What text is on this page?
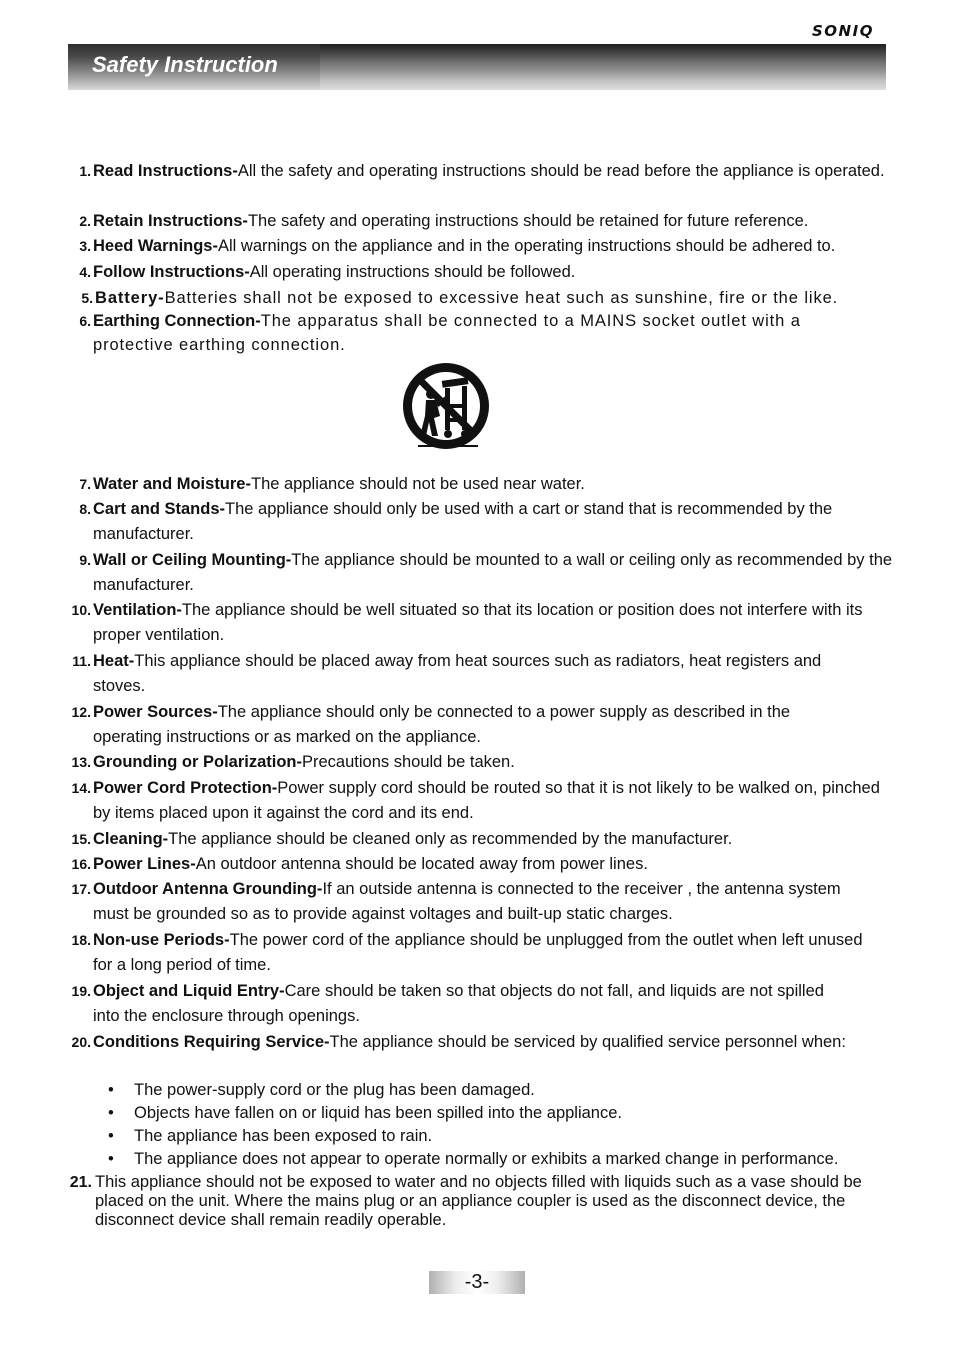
SONIQ
Safety Instruction
1. Read Instructions-All the safety and operating instructions should be read before the appliance is operated.
2. Retain Instructions-The safety and operating instructions should be retained for future reference.
3. Heed Warnings-All warnings on the appliance and in the operating instructions should be adhered to.
4. Follow Instructions-All operating instructions should be followed.
5. Battery-Batteries shall not be exposed to excessive heat such as sunshine, fire or the like.
6. Earthing Connection-The apparatus shall be connected to a MAINS socket outlet with a protective earthing connection.
7. Water and Moisture-The appliance should not be used near water.
8. Cart and Stands-The appliance should only be used with a cart or stand that is recommended by the manufacturer.
9. Wall or Ceiling Mounting-The appliance should be mounted to a wall or ceiling only as recommended by the manufacturer.
10. Ventilation-The appliance should be well situated so that its location or position does not interfere with its proper ventilation.
11. Heat-This appliance should be placed away from heat sources such as radiators, heat registers and stoves.
12. Power Sources-The appliance should only be connected to a power supply as described in the operating instructions or as marked on the appliance.
13. Grounding or Polarization-Precautions should be taken.
14. Power Cord Protection-Power supply cord should be routed so that it is not likely to be walked on, pinched by items placed upon it against the cord and its end.
15. Cleaning-The appliance should be cleaned only as recommended by the manufacturer.
16. Power Lines-An outdoor antenna should be located away from power lines.
17. Outdoor Antenna Grounding-If an outside antenna is connected to the receiver , the antenna system must be grounded so as to provide against voltages and built-up static charges.
18. Non-use Periods-The power cord of the appliance should be unplugged from the outlet when left unused for a long period of time.
19. Object and Liquid Entry-Care should be taken so that objects do not fall, and liquids are not spilled into the enclosure through openings.
20. Conditions Requiring Service-The appliance should be serviced by qualified service personnel when:
• The power-supply cord or the plug has been damaged.
• Objects have fallen on or liquid has been spilled into the appliance.
• The appliance has been exposed to rain.
• The appliance does not appear to operate normally or exhibits a marked change in performance.
21. This appliance should not be exposed to water and no objects filled with liquids such as a vase should be placed on the unit. Where the mains plug or an appliance coupler is used as the disconnect device, the disconnect device shall remain readily operable.
-3-
